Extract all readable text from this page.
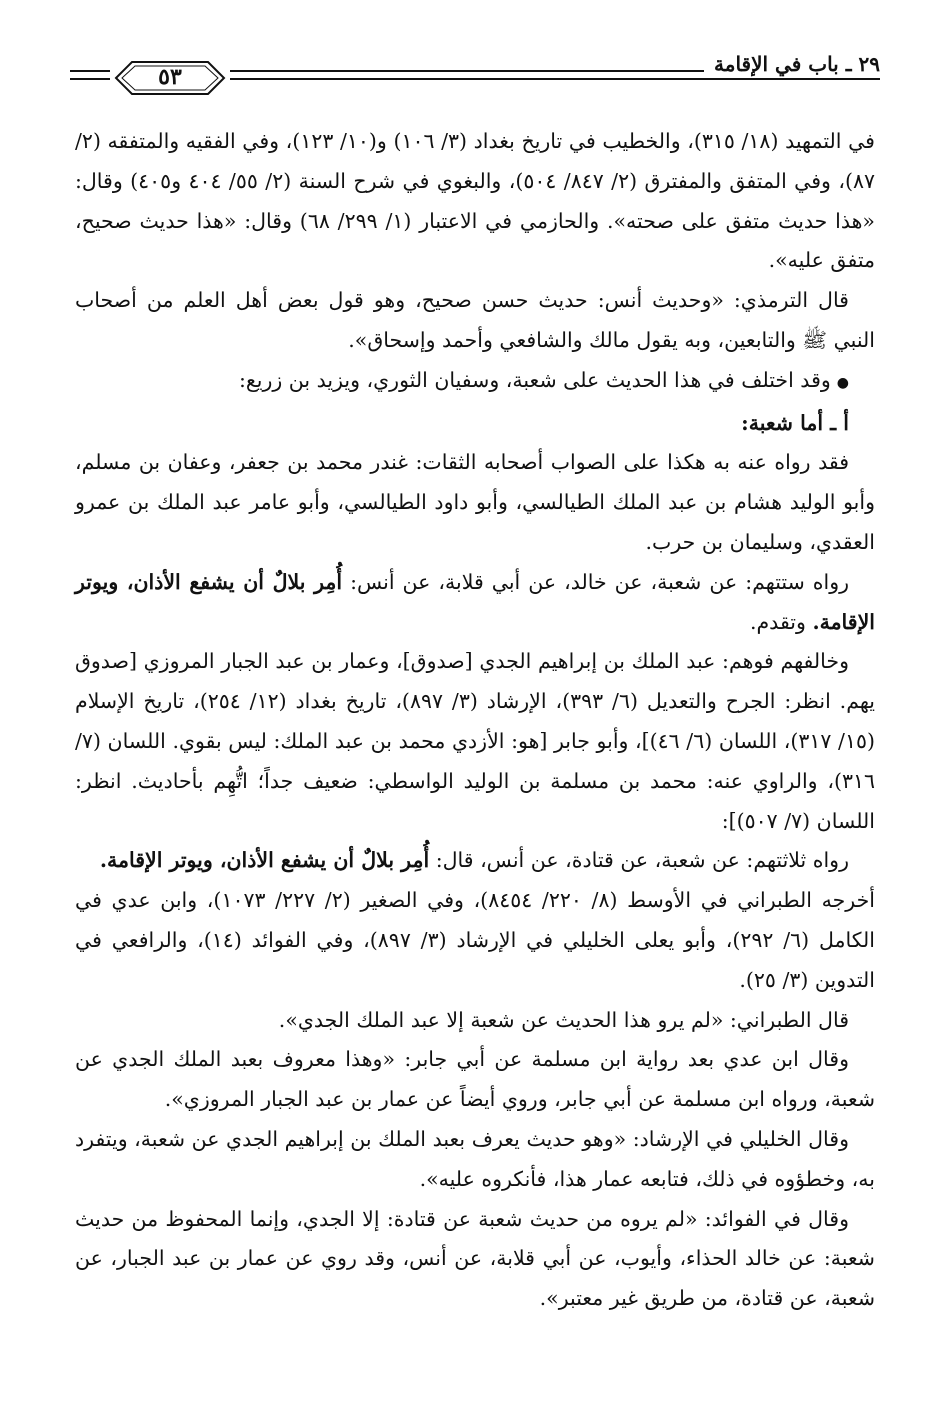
٢٩ ـ باب في الإقامة
٥٣

في التمهيد (١٨/ ٣١٥)، والخطيب في تاريخ بغداد (٣/ ١٠٦) و(١٠/ ١٢٣)، وفي الفقيه والمتفقه (٢/ ٨٧)، وفي المتفق والمفترق (٢/ ٨٤٧/ ٥٠٤)، والبغوي في شرح السنة (٢/ ٥٥/ ٤٠٤ و٤٠٥) وقال: «هذا حديث متفق على صحته». والحازمي في الاعتبار (١/ ٢٩٩/ ٦٨) وقال: «هذا حديث صحيح، متفق عليه».

قال الترمذي: «وحديث أنس: حديث حسن صحيح، وهو قول بعض أهل العلم من أصحاب النبي ﷺ والتابعين، وبه يقول مالك والشافعي وأحمد وإسحاق».

●وقد اختلف في هذا الحديث على شعبة، وسفيان الثوري، ويزيد بن زريع:

أ ـ أما شعبة:

فقد رواه عنه به هكذا على الصواب أصحابه الثقات: غندر محمد بن جعفر، وعفان بن مسلم، وأبو الوليد هشام بن عبد الملك الطيالسي، وأبو داود الطيالسي، وأبو عامر عبد الملك بن عمرو العقدي، وسليمان بن حرب.

رواه ستتهم: عن شعبة، عن خالد، عن أبي قلابة، عن أنس: أُمِر بلالٌ أن يشفع الأذان، ويوتر الإقامة. وتقدم.

وخالفهم فوهم: عبد الملك بن إبراهيم الجدي [صدوق]، وعمار بن عبد الجبار المروزي [صدوق يهم. انظر: الجرح والتعديل (٦/ ٣٩٣)، الإرشاد (٣/ ٨٩٧)، تاريخ بغداد (١٢/ ٢٥٤)، تاريخ الإسلام (١٥/ ٣١٧)، اللسان (٦/ ٤٦)]، وأبو جابر [هو: الأزدي محمد بن عبد الملك: ليس بقوي. اللسان (٧/ ٣١٦)، والراوي عنه: محمد بن مسلمة بن الوليد الواسطي: ضعيف جداً؛ اتُّهِم بأحاديث. انظر: اللسان (٧/ ٥٠٧)]:

رواه ثلاثتهم: عن شعبة، عن قتادة، عن أنس، قال: أُمِر بلالٌ أن يشفع الأذان، ويوتر الإقامة.

أخرجه الطبراني في الأوسط (٨/ ٢٢٠/ ٨٤٥٤)، وفي الصغير (٢/ ٢٢٧/ ١٠٧٣)، وابن عدي في الكامل (٦/ ٢٩٢)، وأبو يعلى الخليلي في الإرشاد (٣/ ٨٩٧)، وفي الفوائد (١٤)، والرافعي في التدوين (٣/ ٢٥).

قال الطبراني: «لم يرو هذا الحديث عن شعبة إلا عبد الملك الجدي».

وقال ابن عدي بعد رواية ابن مسلمة عن أبي جابر: «وهذا معروف بعبد الملك الجدي عن شعبة، ورواه ابن مسلمة عن أبي جابر، وروي أيضاً عن عمار بن عبد الجبار المروزي».

وقال الخليلي في الإرشاد: «وهو حديث يعرف بعبد الملك بن إبراهيم الجدي عن شعبة، ويتفرد به، وخطؤوه في ذلك، فتابعه عمار هذا، فأنكروه عليه».

وقال في الفوائد: «لم يروه من حديث شعبة عن قتادة: إلا الجدي، وإنما المحفوظ من حديث شعبة: عن خالد الحذاء، وأيوب، عن أبي قلابة، عن أنس، وقد روي عن عمار بن عبد الجبار، عن شعبة، عن قتادة، من طريق غير معتبر».
